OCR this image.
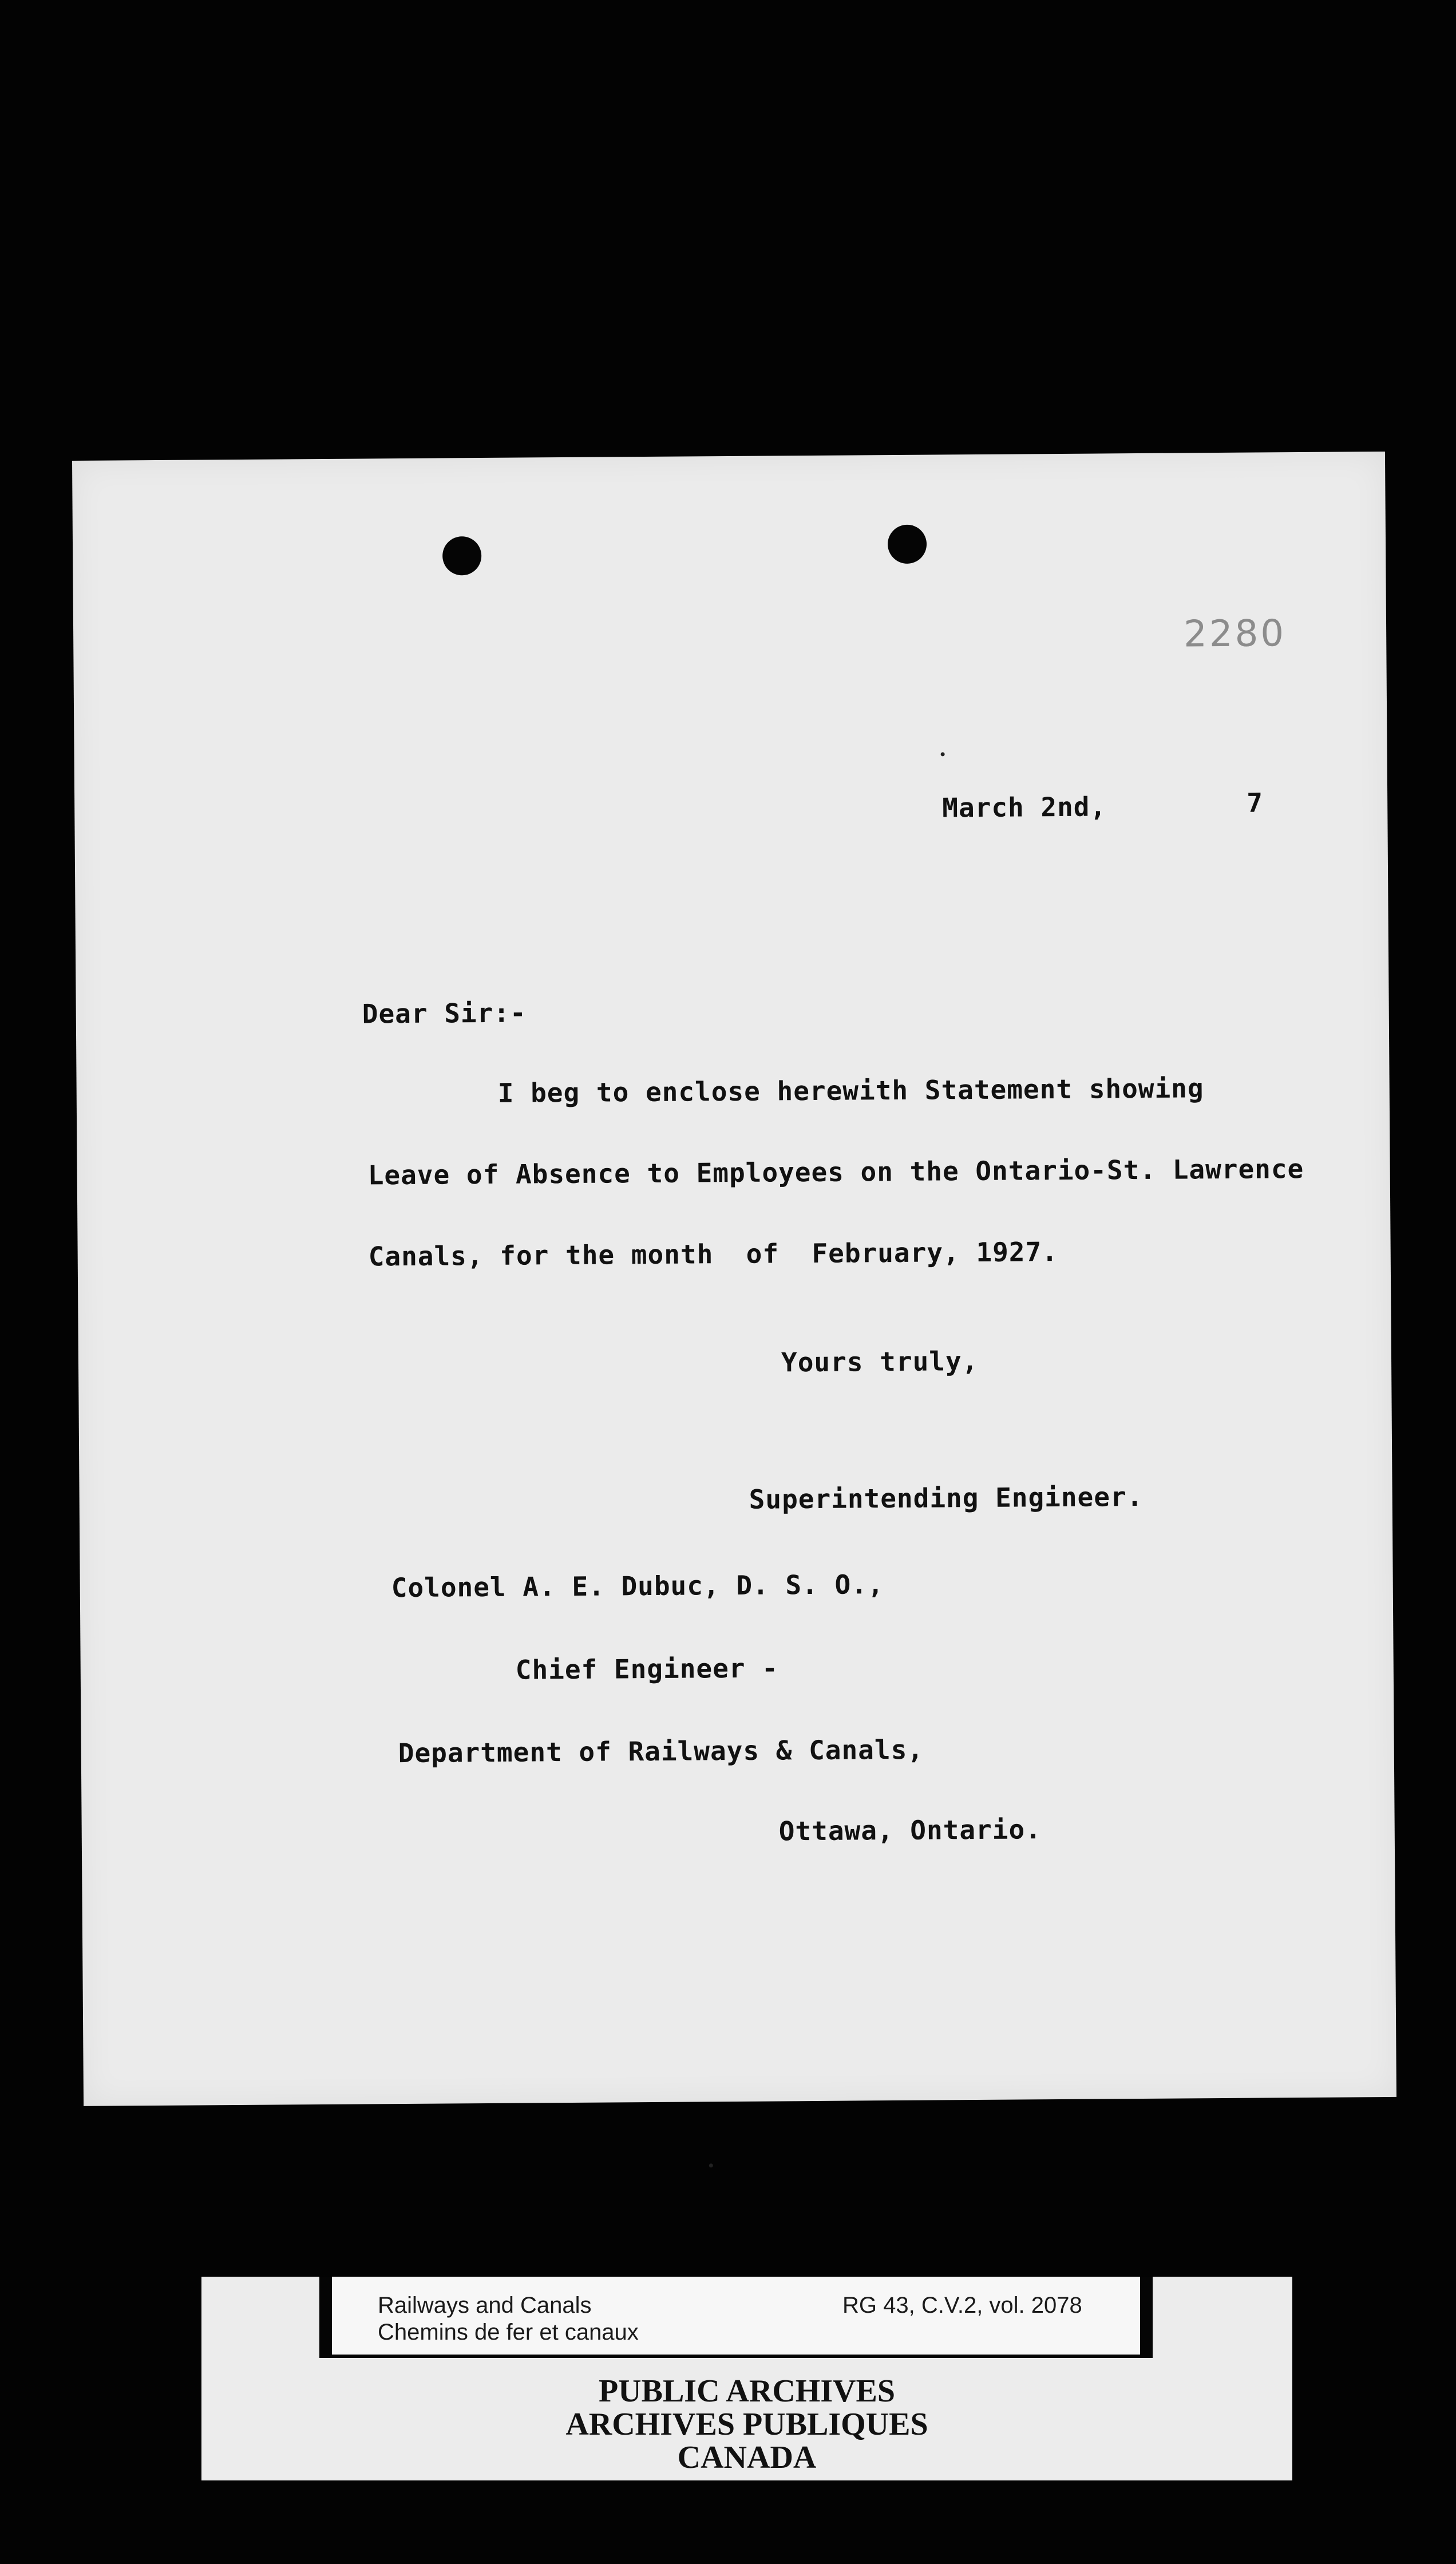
2280
March 2nd,	7
Dear Sir:-
I beg to enclose herewith Statement showing
Leave of Absence to Employees on the Ontario-St. Lawrence
Canals, for the month  of  February, 1927.
Yours truly,
Superintending Engineer.
Colonel A. E. Dubuc, D. S. O.,
Chief Engineer -
Department of Railways & Canals,
Ottawa, Ontario.
Railways and Canals
Chemins de fer et canaux
RG 43, C.V.2, vol. 2078
PUBLIC ARCHIVES
ARCHIVES PUBLIQUES
CANADA
